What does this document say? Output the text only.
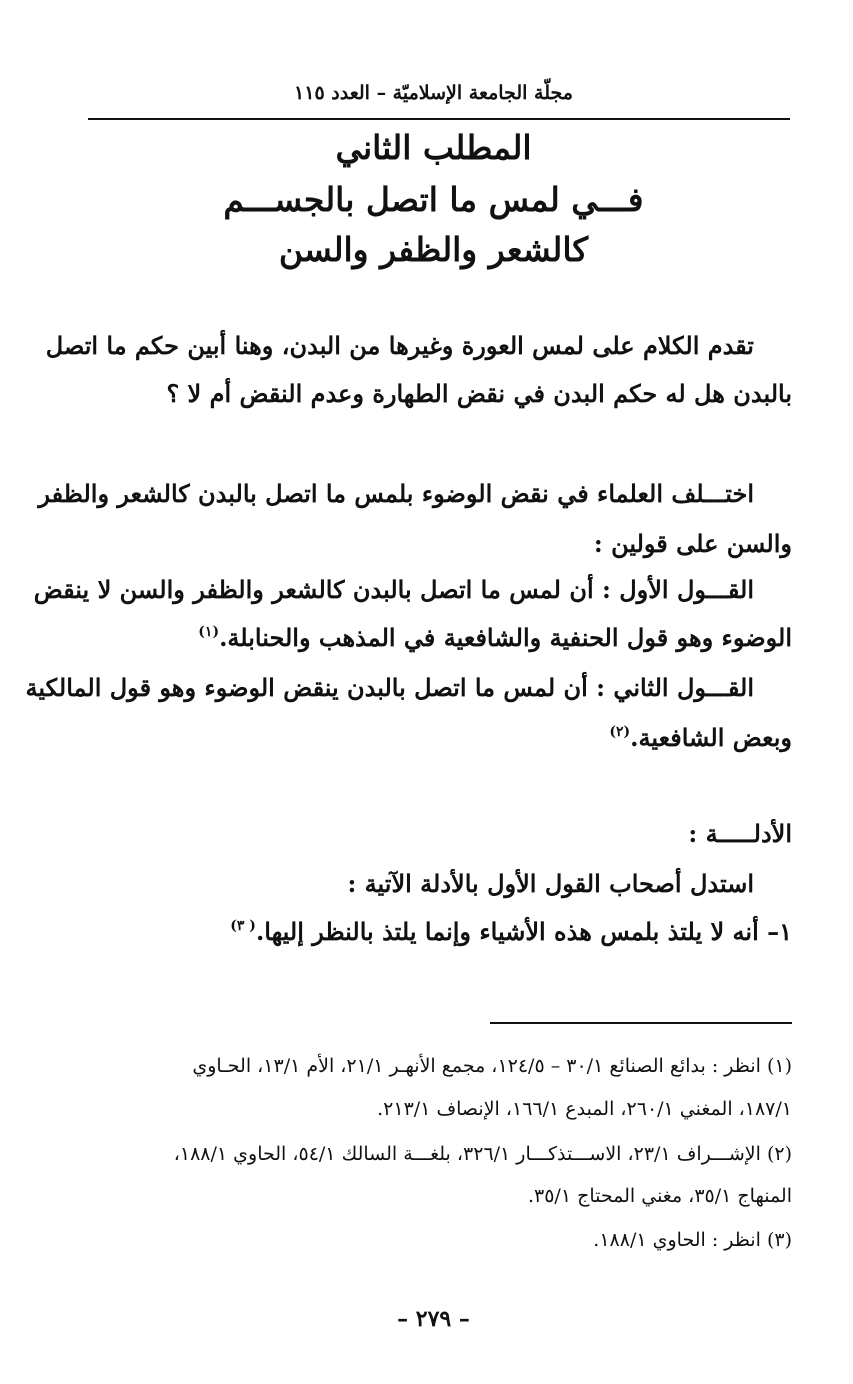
مجلّة الجامعة الإسلاميّة – العدد ١١٥
المطلب الثاني
فـــي لمس ما اتصل بالجســـم
كالشعر والظفر والسن
تقدم الكلام على لمس العورة وغيرها من البدن، وهنا أبين حكم ما اتصل
بالبدن هل له حكم البدن في نقض الطهارة وعدم النقض أم لا ؟
اختـــلف العلماء في نقض الوضوء بلمس ما اتصل بالبدن كالشعر والظفر
والسن على قولين :
القـــول الأول : أن لمس ما اتصل بالبدن كالشعر والظفر والسن لا ينقض
الوضوء وهو قول الحنفية والشافعية في المذهب والحنابلة.$^{(١)}$
القـــول الثاني : أن لمس ما اتصل بالبدن ينقض الوضوء وهو قول المالكية
وبعض الشافعية.$^{(٢)}$
الأدلـــــة :
استدل أصحاب القول الأول بالأدلة الآتية :
١– أنه لا يلتذ بلمس هذه الأشياء وإنما يلتذ بالنظر إليها.$^{( ٣)}$
(١) انظر : بدائع الصنائع ٣٠/١ – ١٢٤/٥، مجمع الأنهـر ٢١/١، الأم ١٣/١، الحـاوي
١٨٧/١، المغني ٢٦٠/١، المبدع ١٦٦/١، الإنصاف ٢١٣/١.
(٢) الإشـــراف ٢٣/١، الاســـتذكـــار ٣٢٦/١، بلغـــة السالك ٥٤/١، الحاوي ١٨٨/١،
المنهاج ٣٥/١، مغني المحتاج ٣٥/١.
(٣) انظر : الحاوي ١٨٨/١.
– ٢٧٩ –
